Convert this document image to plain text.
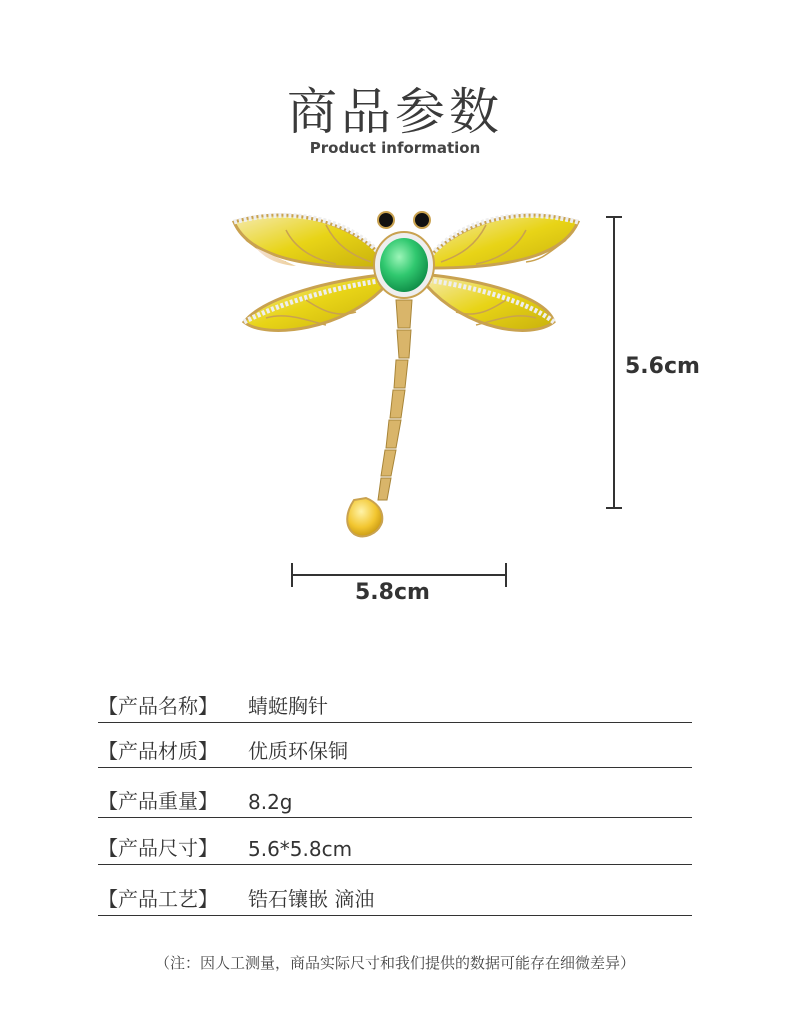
商品参数
Product information
5.6cm
5.8cm
【产品名称】 蜻蜓胸针
【产品材质】 优质环保铜
【产品重量】 8.2g
【产品尺寸】 5.6*5.8cm
【产品工艺】 锆石镶嵌 滴油
（注：因人工测量，商品实际尺寸和我们提供的数据可能存在细微差异）
